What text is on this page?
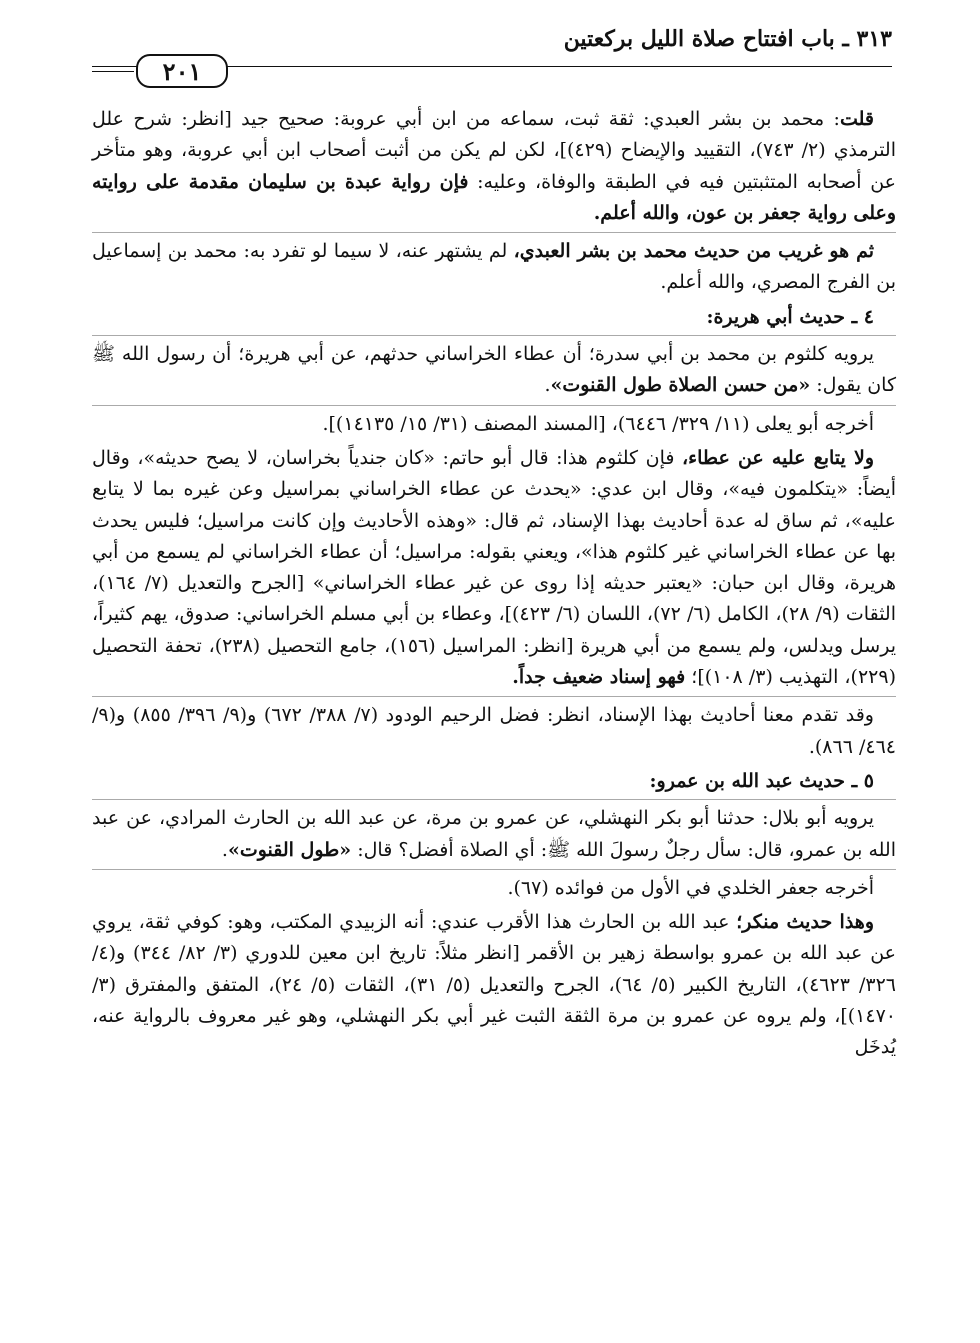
٣١٣ ـ باب افتتاح صلاة الليل بركعتين
٢٠١

قلت: محمد بن بشر العبدي: ثقة ثبت، سماعه من ابن أبي عروبة: صحيح جيد [انظر: شرح علل الترمذي (٢/ ٧٤٣)، التقييد والإيضاح (٤٢٩)]، لكن لم يكن من أثبت أصحاب ابن أبي عروبة، وهو متأخر عن أصحابه المتثبتين فيه في الطبقة والوفاة، وعليه: فإن رواية عبدة بن سليمان مقدمة على روايته وعلى رواية جعفر بن عون، والله أعلم.

ثم هو غريب من حديث محمد بن بشر العبدي، لم يشتهر عنه، لا سيما لو تفرد به: محمد بن إسماعيل بن الفرج المصري، والله أعلم.

٤ ـ حديث أبي هريرة:

يرويه كلثوم بن محمد بن أبي سدرة؛ أن عطاء الخراساني حدثهم، عن أبي هريرة؛ أن رسول الله ﷺ كان يقول: «من حسن الصلاة طول القنوت».

أخرجه أبو يعلى (١١/ ٣٢٩/ ٦٤٤٦)، [المسند المصنف (٣١/ ١٥/ ١٤١٣٥)].

ولا يتابع عليه عن عطاء، فإن كلثوم هذا: قال أبو حاتم: «كان جندياً بخراسان، لا يصح حديثه»، وقال أيضاً: «يتكلمون فيه»، وقال ابن عدي: «يحدث عن عطاء الخراساني بمراسيل وعن غيره بما لا يتابع عليه»، ثم ساق له عدة أحاديث بهذا الإسناد، ثم قال: «وهذه الأحاديث وإن كانت مراسيل؛ فليس يحدث بها عن عطاء الخراساني غير كلثوم هذا»، ويعني بقوله: مراسيل؛ أن عطاء الخراساني لم يسمع من أبي هريرة، وقال ابن حبان: «يعتبر حديثه إذا روى عن غير عطاء الخراساني» [الجرح والتعديل (٧/ ١٦٤)، الثقات (٩/ ٢٨)، الكامل (٦/ ٧٢)، اللسان (٦/ ٤٢٣)]، وعطاء بن أبي مسلم الخراساني: صدوق، يهم كثيراً، يرسل ويدلس، ولم يسمع من أبي هريرة [انظر: المراسيل (١٥٦)، جامع التحصيل (٢٣٨)، تحفة التحصيل (٢٢٩)، التهذيب (٣/ ١٠٨)]؛ فهو إسناد ضعيف جداً.

وقد تقدم معنا أحاديث بهذا الإسناد، انظر: فضل الرحيم الودود (٧/ ٣٨٨/ ٦٧٢) و(٩/ ٣٩٦/ ٨٥٥) و(٩/ ٤٦٤/ ٨٦٦).

٥ ـ حديث عبد الله بن عمرو:

يرويه أبو بلال: حدثنا أبو بكر النهشلي، عن عمرو بن مرة، عن عبد الله بن الحارث المرادي، عن عبد الله بن عمرو، قال: سأل رجلٌ رسولَ الله ﷺ: أي الصلاة أفضل؟ قال: «طول القنوت».

أخرجه جعفر الخلدي في الأول من فوائده (٦٧).

وهذا حديث منكر؛ عبد الله بن الحارث هذا الأقرب عندي: أنه الزبيدي المكتب، وهو: كوفي ثقة، يروي عن عبد الله بن عمرو بواسطة زهير بن الأقمر [انظر مثلاً: تاريخ ابن معين للدوري (٣/ ٨٢/ ٣٤٤) و(٤/ ٣٢٦/ ٤٦٢٣)، التاريخ الكبير (٥/ ٦٤)، الجرح والتعديل (٥/ ٣١)، الثقات (٥/ ٢٤)، المتفق والمفترق (٣/ ١٤٧٠)]، ولم يروه عن عمرو بن مرة الثقة الثبت غير أبي بكر النهشلي، وهو غير معروف بالرواية عنه، يُدخَل
